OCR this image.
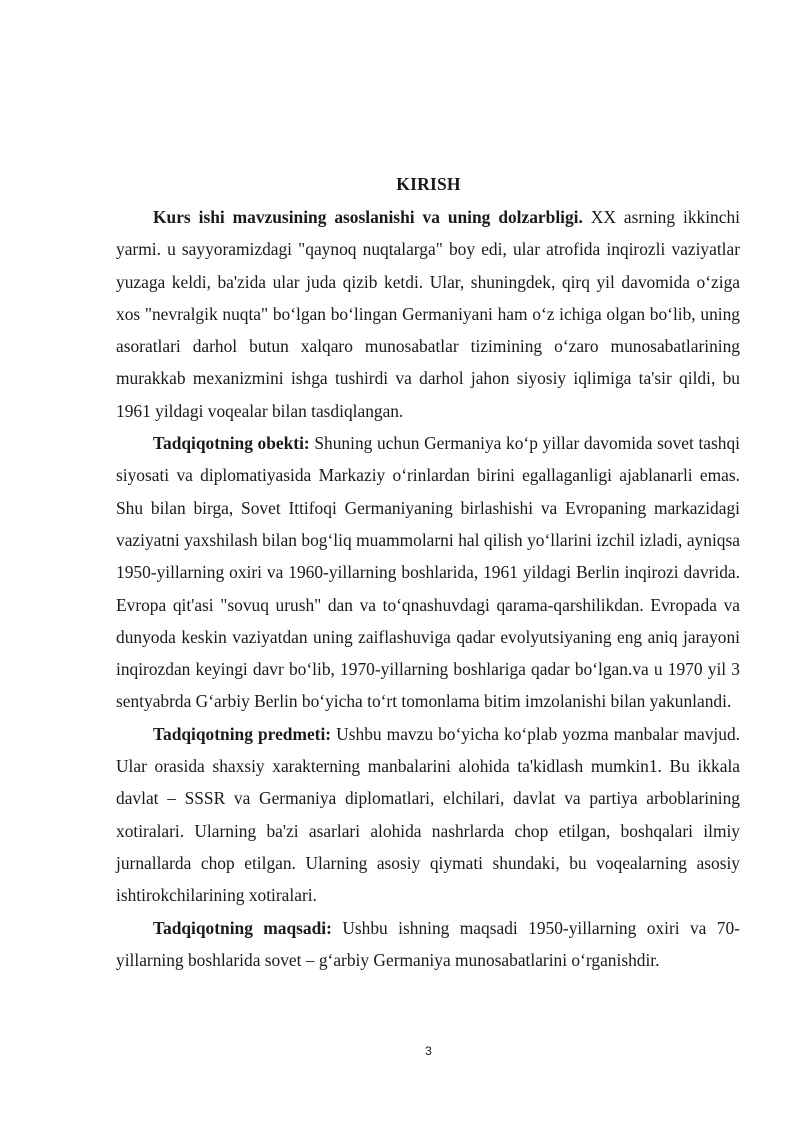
KIRISH

Kurs ishi mavzusining asoslanishi va uning dolzarbligi. XX asrning ikkinchi yarmi. u sayyoramizdagi "qaynoq nuqtalarga" boy edi, ular atrofida inqirozli vaziyatlar yuzaga keldi, ba'zida ular juda qizib ketdi. Ular, shuningdek, qirq yil davomida o‘ziga xos "nevralgik nuqta" bo‘lgan bo‘lingan Germaniyani ham o‘z ichiga olgan bo‘lib, uning asoratlari darhol butun xalqaro munosabatlar tizimining o‘zaro munosabatlarining murakkab mexanizmini ishga tushirdi va darhol jahon siyosiy iqlimiga ta'sir qildi, bu 1961 yildagi voqealar bilan tasdiqlangan.

Tadqiqotning obekti: Shuning uchun Germaniya ko‘p yillar davomida sovet tashqi siyosati va diplomatiyasida Markaziy o‘rinlardan birini egallaganligi ajablanarli emas. Shu bilan birga, Sovet Ittifoqi Germaniyaning birlashishi va Evropaning markazidagi vaziyatni yaxshilash bilan bog‘liq muammolarni hal qilish yo‘llarini izchil izladi, ayniqsa 1950-yillarning oxiri va 1960-yillarning boshlarida, 1961 yildagi Berlin inqirozi davrida. Evropa qit'asi "sovuq urush" dan va to‘qnashuvdagi qarama-qarshilikdan. Evropada va dunyoda keskin vaziyatdan uning zaiflashuviga qadar evolyutsiyaning eng aniq jarayoni inqirozdan keyingi davr bo‘lib, 1970-yillarning boshlariga qadar bo‘lgan.va u 1970 yil 3 sentyabrda G‘arbiy Berlin bo‘yicha to‘rt tomonlama bitim imzolanishi bilan yakunlandi.

Tadqiqotning predmeti: Ushbu mavzu bo‘yicha ko‘plab yozma manbalar mavjud. Ular orasida shaxsiy xarakterning manbalarini alohida ta'kidlash mumkin1. Bu ikkala davlat – SSSR va Germaniya diplomatlari, elchilari, davlat va partiya arboblarining xotiralari. Ularning ba'zi asarlari alohida nashrlarda chop etilgan, boshqalari ilmiy jurnallarda chop etilgan. Ularning asosiy qiymati shundaki, bu voqealarning asosiy ishtirokchilarining xotiralari.

Tadqiqotning maqsadi: Ushbu ishning maqsadi 1950-yillarning oxiri va 70-yillarning boshlarida sovet – g‘arbiy Germaniya munosabatlarini o‘rganishdir.

3
